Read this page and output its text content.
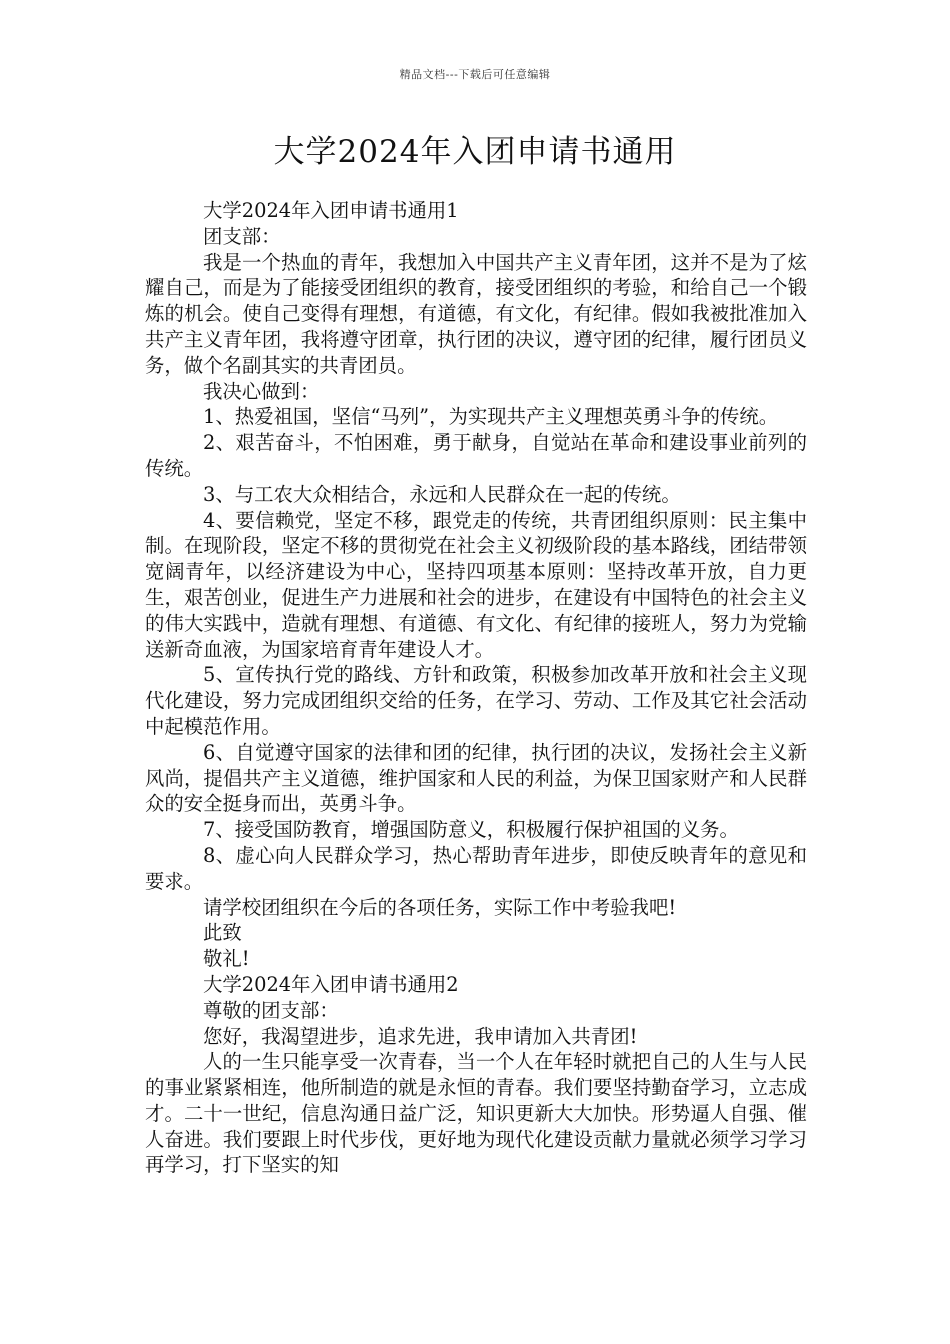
精品文档---下载后可任意编辑
大学2024年入团申请书通用

大学2024年入团申请书通用1

团支部：

我是一个热血的青年，我想加入中国共产主义青年团，这并不是为了炫耀自己，而是为了能接受团组织的教育，接受团组织的考验，和给自己一个锻炼的机会。使自己变得有理想，有道德，有文化，有纪律。假如我被批准加入共产主义青年团，我将遵守团章，执行团的决议，遵守团的纪律，履行团员义务，做个名副其实的共青团员。

我决心做到：

1、热爱祖国，坚信“马列”，为实现共产主义理想英勇斗争的传统。

2、艰苦奋斗，不怕困难，勇于献身，自觉站在革命和建设事业前列的传统。

3、与工农大众相结合，永远和人民群众在一起的传统。

4、要信赖党，坚定不移，跟党走的传统，共青团组织原则：民主集中制。在现阶段，坚定不移的贯彻党在社会主义初级阶段的基本路线，团结带领宽阔青年，以经济建设为中心，坚持四项基本原则：坚持改革开放，自力更生，艰苦创业，促进生产力进展和社会的进步，在建设有中国特色的社会主义的伟大实践中，造就有理想、有道德、有文化、有纪律的接班人，努力为党输送新奇血液，为国家培育青年建设人才。

5、宣传执行党的路线、方针和政策，积极参加改革开放和社会主义现代化建设，努力完成团组织交给的任务，在学习、劳动、工作及其它社会活动中起模范作用。

6、自觉遵守国家的法律和团的纪律，执行团的决议，发扬社会主义新风尚，提倡共产主义道德，维护国家和人民的利益，为保卫国家财产和人民群众的安全挺身而出，英勇斗争。

7、接受国防教育，增强国防意义，积极履行保护祖国的义务。

8、虚心向人民群众学习，热心帮助青年进步，即使反映青年的意见和要求。

请学校团组织在今后的各项任务，实际工作中考验我吧!

此致

敬礼!

大学2024年入团申请书通用2

尊敬的团支部：

您好，我渴望进步，追求先进，我申请加入共青团!

人的一生只能享受一次青春，当一个人在年轻时就把自己的人生与人民的事业紧紧相连，他所制造的就是永恒的青春。我们要坚持勤奋学习，立志成才。二十一世纪，信息沟通日益广泛，知识更新大大加快。形势逼人自强、催人奋进。我们要跟上时代步伐，更好地为现代化建设贡献力量就必须学习学习再学习，打下坚实的知
